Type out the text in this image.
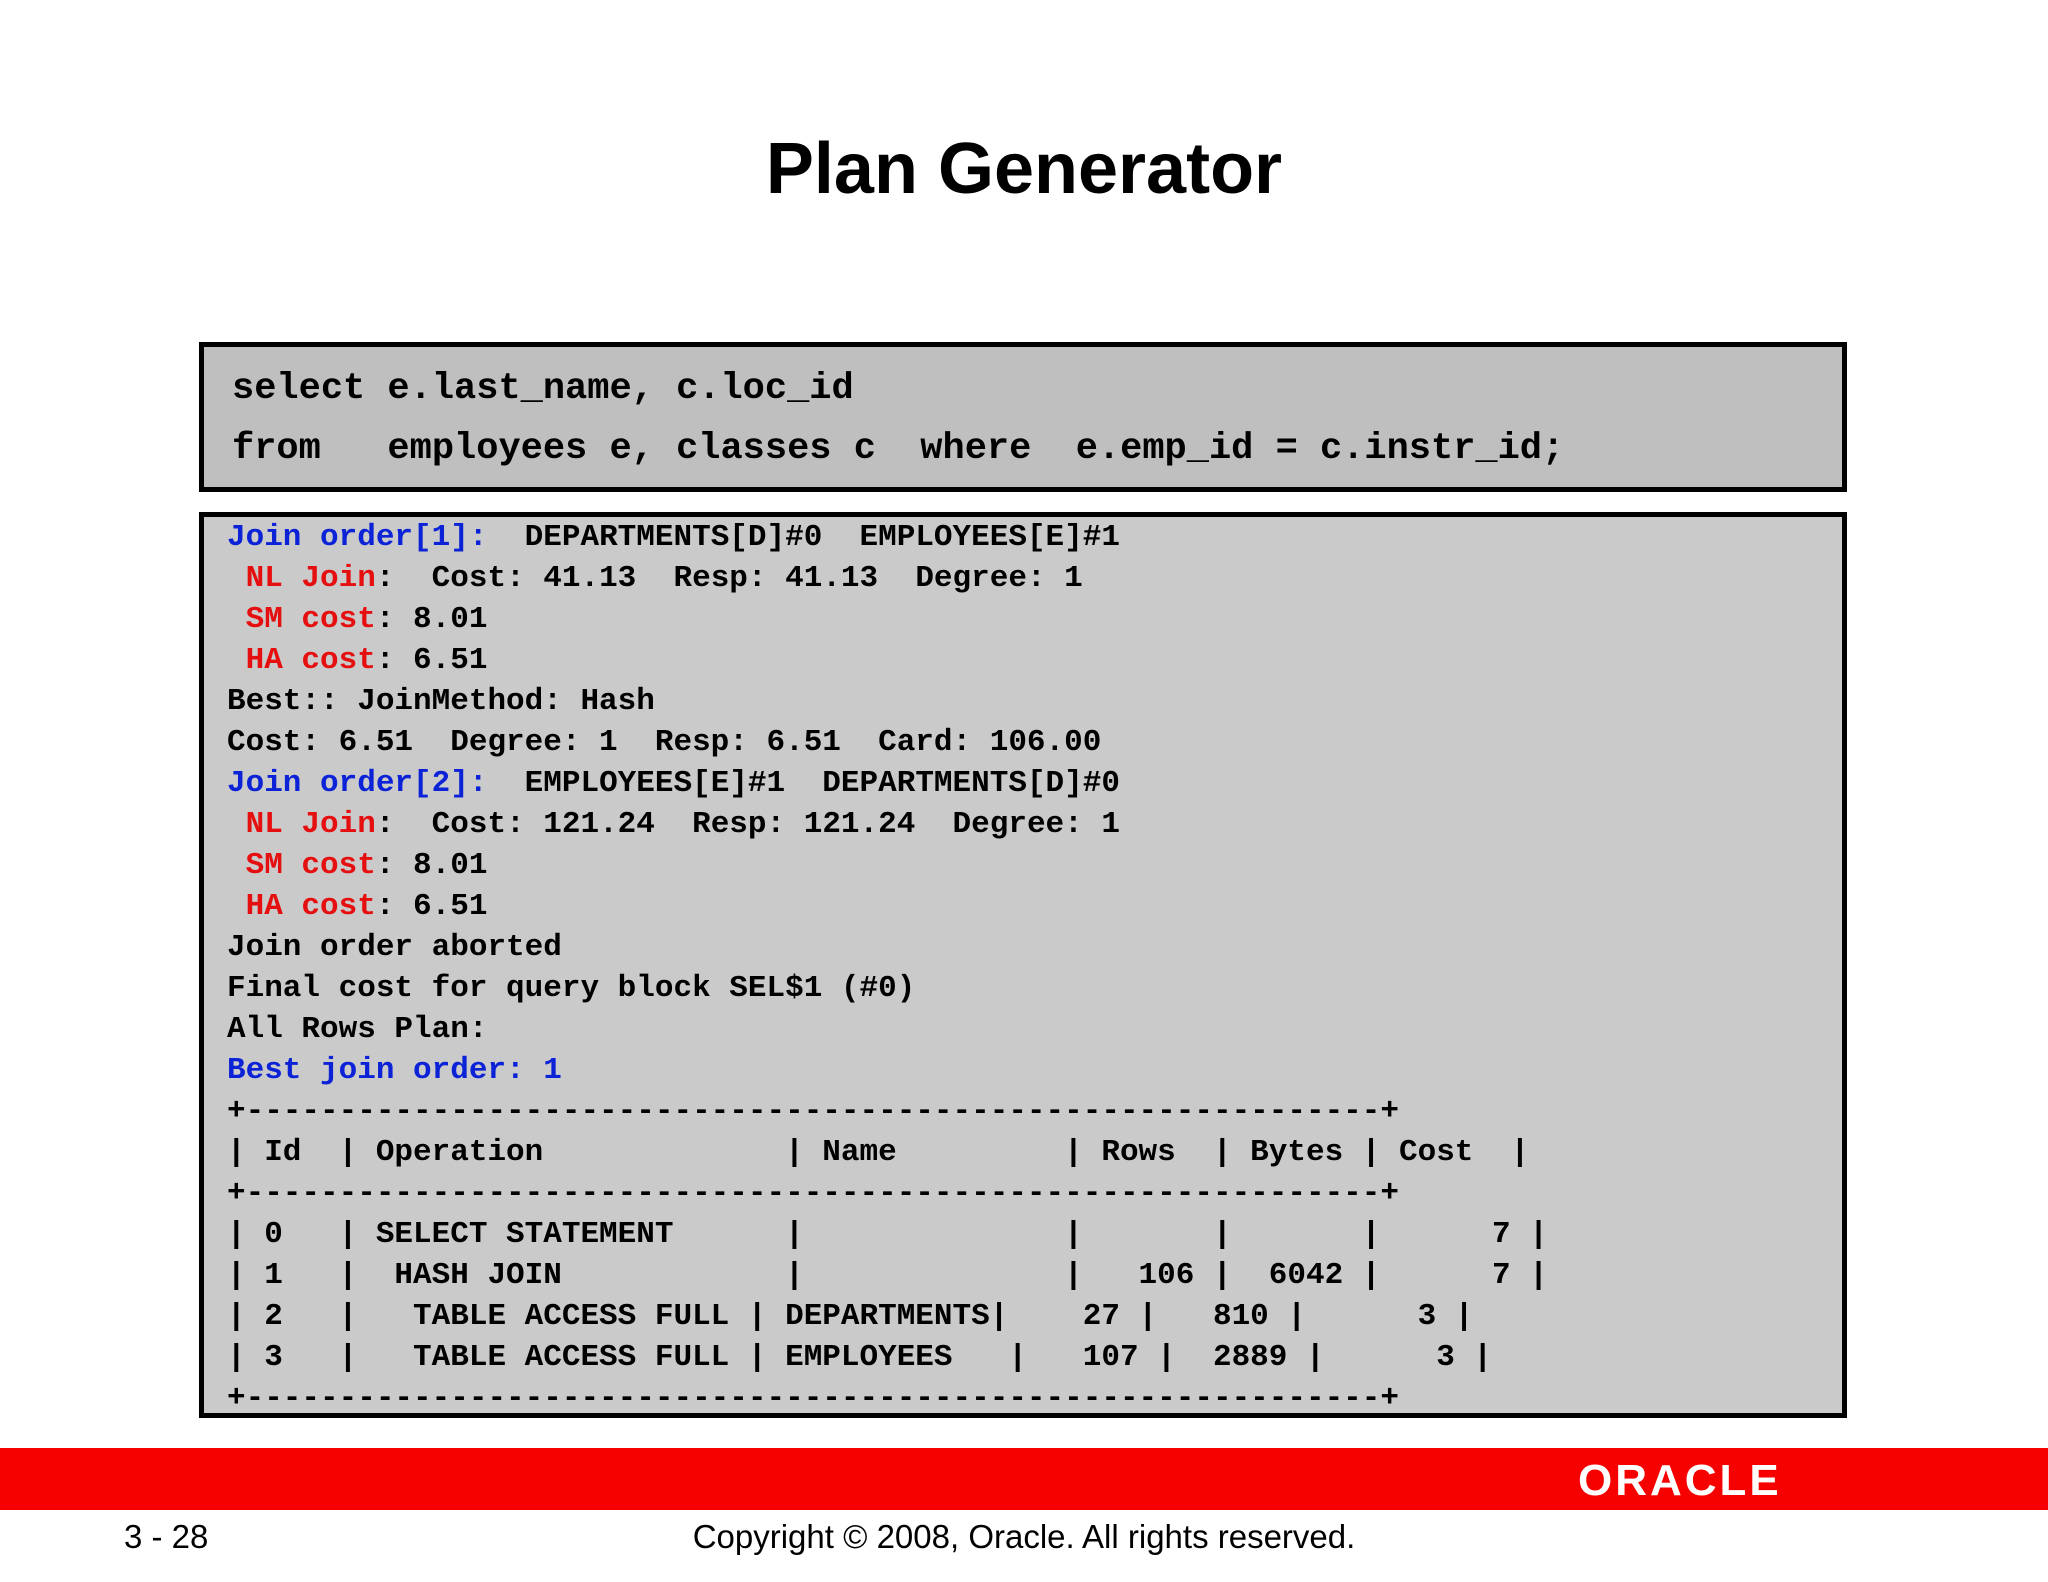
Plan Generator
select e.last_name, c.loc_id
from   employees e, classes c  where  e.emp_id = c.instr_id;
Join order[1]:  DEPARTMENTS[D]#0  EMPLOYEES[E]#1
NL Join:  Cost: 41.13  Resp: 41.13  Degree: 1
SM cost: 8.01
HA cost: 6.51
Best:: JoinMethod: Hash
Cost: 6.51  Degree: 1  Resp: 6.51  Card: 106.00
Join order[2]:  EMPLOYEES[E]#1  DEPARTMENTS[D]#0
NL Join:  Cost: 121.24  Resp: 121.24  Degree: 1
SM cost: 8.01
HA cost: 6.51
Join order aborted
Final cost for query block SEL$1 (#0)
All Rows Plan:
Best join order: 1
+-------------------------------------------------------------+
| Id  | Operation             | Name         | Rows  | Bytes | Cost  |
+-------------------------------------------------------------+
| 0   | SELECT STATEMENT      |              |       |       |      7 |
| 1   |  HASH JOIN            |              |   106 |  6042 |      7 |
| 2   |   TABLE ACCESS FULL | DEPARTMENTS|    27 |   810 |      3 |
| 3   |   TABLE ACCESS FULL | EMPLOYEES   |   107 |  2889 |      3 |
+-------------------------------------------------------------+
ORACLE
3 - 28	Copyright © 2008, Oracle. All rights reserved.
